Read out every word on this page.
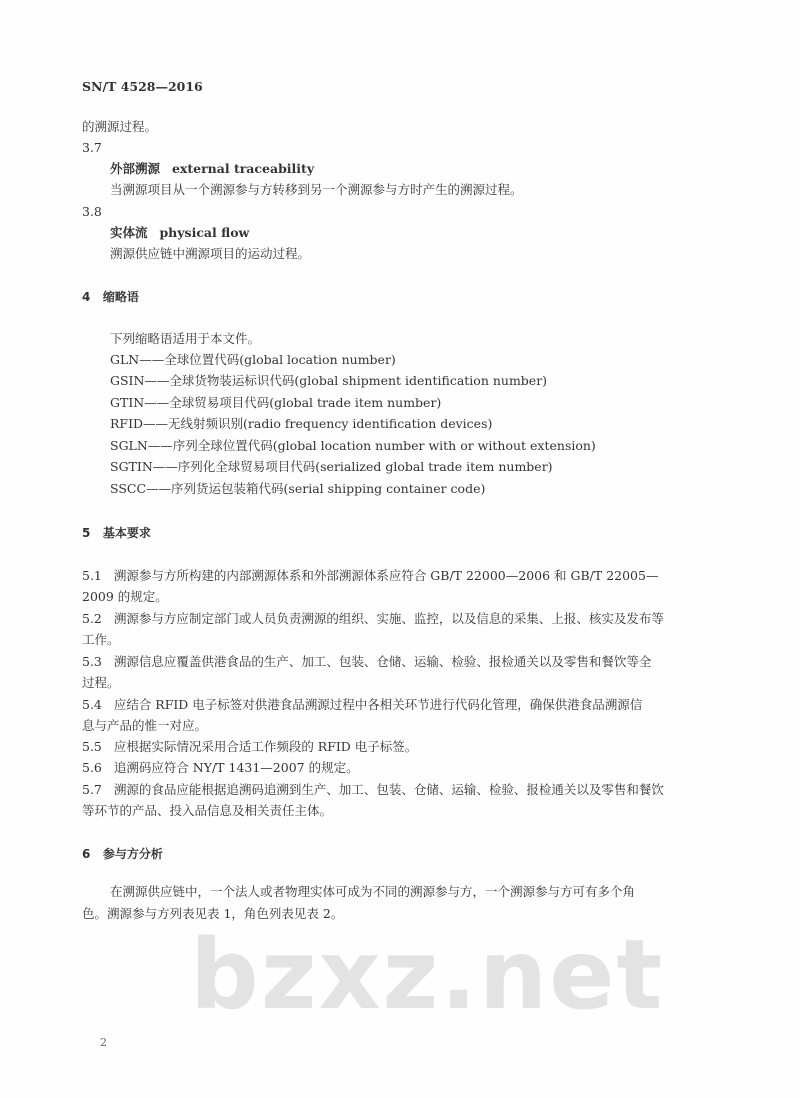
bzxz.net
SN/T 4528—2016
的溯源过程。
3.7
外部溯源 external traceability
当溯源项目从一个溯源参与方转移到另一个溯源参与方时产生的溯源过程。
3.8
实体流 physical flow
溯源供应链中溯源项目的运动过程。
4 缩略语
下列缩略语适用于本文件。
GLN——全球位置代码(global location number)
GSIN——全球货物装运标识代码(global shipment identification number)
GTIN——全球贸易项目代码(global trade item number)
RFID——无线射频识别(radio frequency identification devices)
SGLN——序列全球位置代码(global location number with or without extension)
SGTIN——序列化全球贸易项目代码(serialized global trade item number)
SSCC——序列货运包装箱代码(serial shipping container code)
5 基本要求
5.1 溯源参与方所构建的内部溯源体系和外部溯源体系应符合 GB/T 22000—2006 和 GB/T 22005—
2009 的规定。
5.2 溯源参与方应制定部门或人员负责溯源的组织、实施、监控，以及信息的采集、上报、核实及发布等
工作。
5.3 溯源信息应覆盖供港食品的生产、加工、包装、仓储、运输、检验、报检通关以及零售和餐饮等全
过程。
5.4 应结合 RFID 电子标签对供港食品溯源过程中各相关环节进行代码化管理，确保供港食品溯源信
息与产品的惟一对应。
5.5 应根据实际情况采用合适工作频段的 RFID 电子标签。
5.6 追溯码应符合 NY/T 1431—2007 的规定。
5.7 溯源的食品应能根据追溯码追溯到生产、加工、包装、仓储、运输、检验、报检通关以及零售和餐饮
等环节的产品、投入品信息及相关责任主体。
6 参与方分析
在溯源供应链中，一个法人或者物理实体可成为不同的溯源参与方，一个溯源参与方可有多个角
色。溯源参与方列表见表 1，角色列表见表 2。
2
